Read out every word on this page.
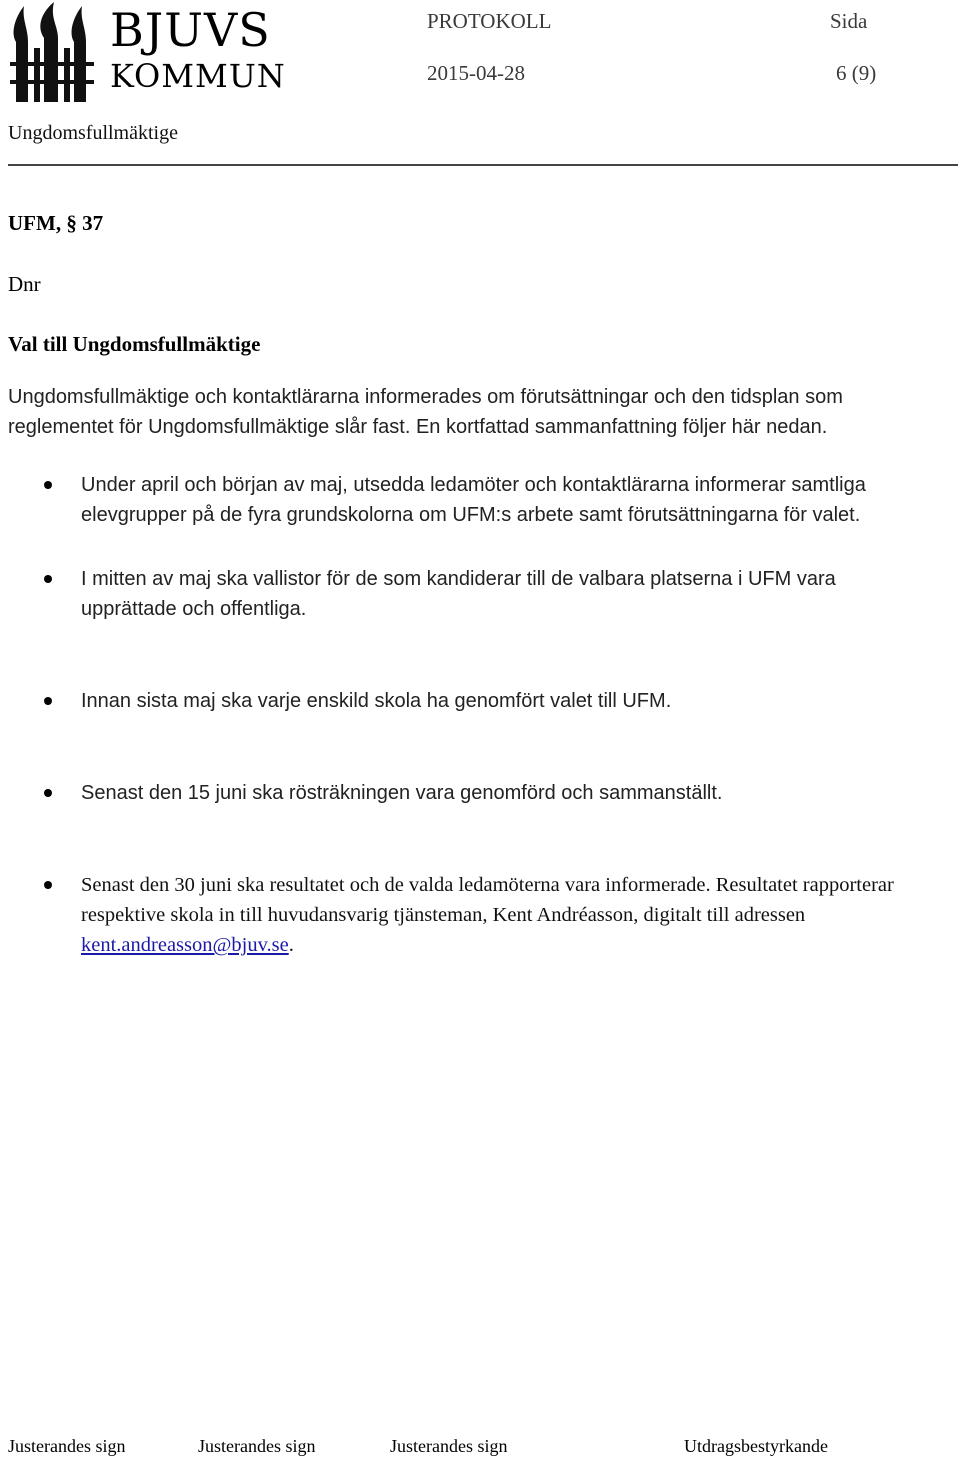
BJUVS
KOMMUN
PROTOKOLL	Sida
2015-04-28	6 (9)
Ungdomsfullmäktige
UFM, § 37
Dnr
Val till Ungdomsfullmäktige

Ungdomsfullmäktige och kontaktlärarna informerades om förutsättningar och den tidsplan som reglementet för Ungdomsfullmäktige slår fast. En kortfattad sammanfattning följer här nedan.

Under april och början av maj, utsedda ledamöter och kontaktlärarna informerar samtliga elevgrupper på de fyra grundskolorna om UFM:s arbete samt förutsättningarna för valet.
I mitten av maj ska vallistor för de som kandiderar till de valbara platserna i UFM vara upprättade och offentliga.
Innan sista maj ska varje enskild skola ha genomfört valet till UFM.
Senast den 15 juni ska rösträkningen vara genomförd och sammanställt.
Senast den 30 juni ska resultatet och de valda ledamöterna vara informerade. Resultatet rapporterar respektive skola in till huvudansvarig tjänsteman, Kent Andréasson, digitalt till adressen kent.andreasson@bjuv.se.
Justerandes sign	Justerandes sign	Justerandes sign	Utdragsbestyrkande
